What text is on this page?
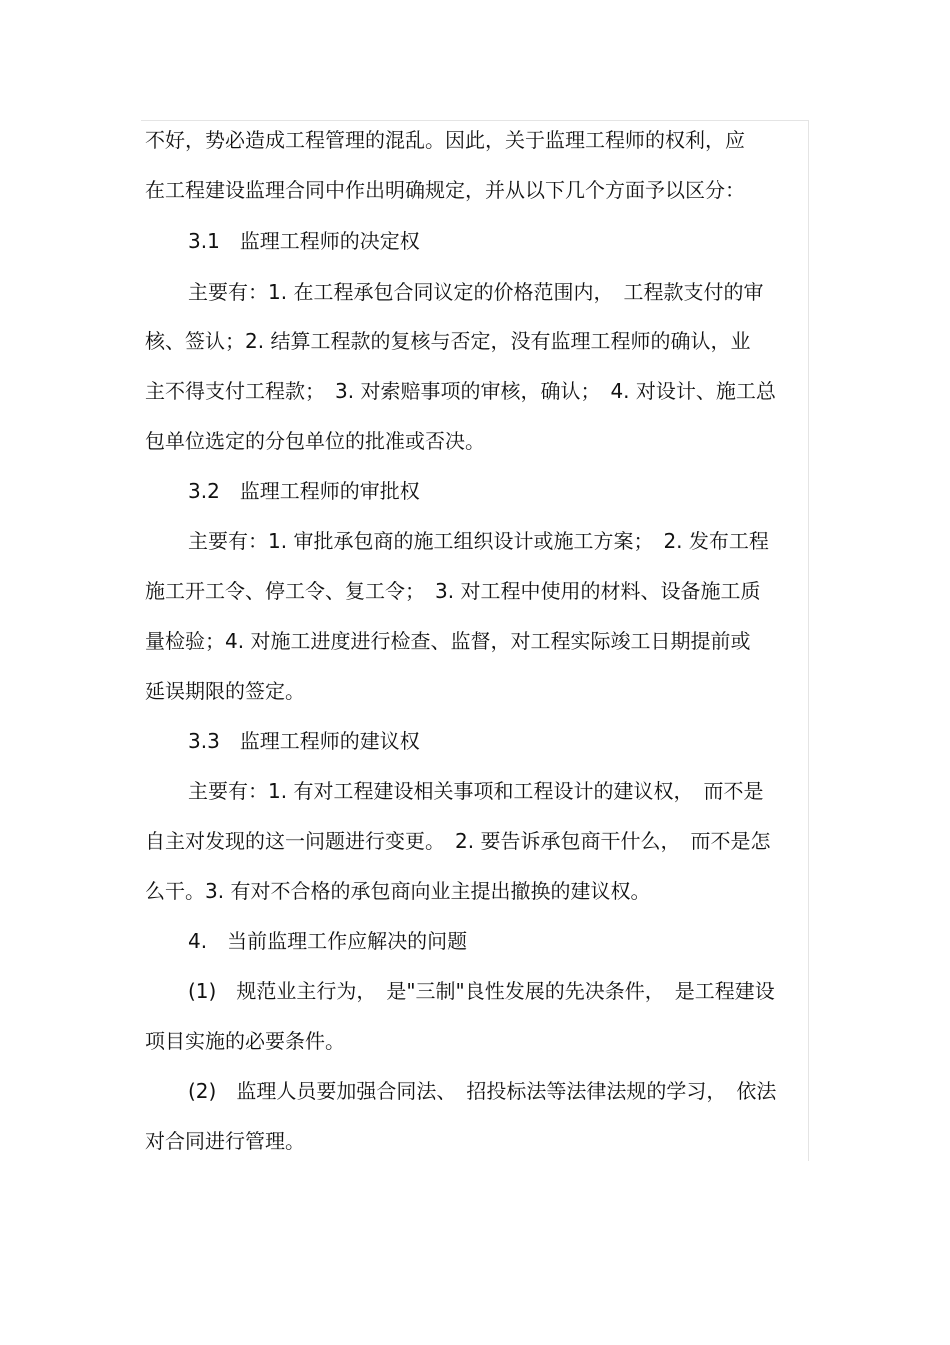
不好，势必造成工程管理的混乱。因此，关于监理工程师的权利，应
在工程建设监理合同中作出明确规定，并从以下几个方面予以区分：
3.1　监理工程师的决定权
主要有：1. 在工程承包合同议定的价格范围内，　工程款支付的审
核、签认；2. 结算工程款的复核与否定，没有监理工程师的确认，业
主不得支付工程款；　3. 对索赔事项的审核，确认；　4. 对设计、施工总
包单位选定的分包单位的批准或否决。
3.2　监理工程师的审批权
主要有：1. 审批承包商的施工组织设计或施工方案；　2. 发布工程
施工开工令、停工令、复工令；　3. 对工程中使用的材料、设备施工质
量检验；4. 对施工进度进行检查、监督，对工程实际竣工日期提前或
延误期限的签定。
3.3　监理工程师的建议权
主要有：1. 有对工程建设相关事项和工程设计的建议权，　而不是
自主对发现的这一问题进行变更。　2. 要告诉承包商干什么，　而不是怎
么干。3. 有对不合格的承包商向业主提出撤换的建议权。
4.　当前监理工作应解决的问题
(1)　规范业主行为，　是"三制"良性发展的先决条件，　是工程建设
项目实施的必要条件。
(2)　监理人员要加强合同法、　招投标法等法律法规的学习，　依法
对合同进行管理。
